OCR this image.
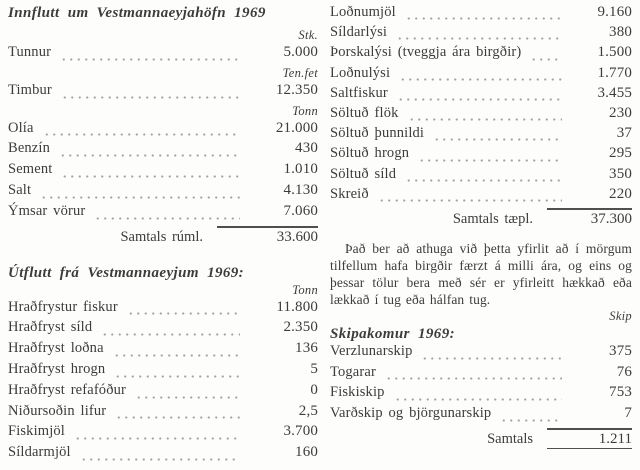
Innflutt um Vestmannaeyjahöfn 1969
Stk.
Tunnur	5.000
Ten.fet
Timbur	12.350
Tonn
Olía	21.000
Benzín	430
Sement	1.010
Salt	4.130
Ýmsar vörur	7.060
Samtals rúml.	33.600
Útflutt frá Vestmannaeyjum 1969:
Tonn
Hraðfrystur fiskur	11.800
Hraðfryst síld	2.350
Hraðfryst loðna	136
Hraðfryst hrogn	5
Hraðfryst refafóður	0
Niðursoðin lifur	2,5
Fiskimjöl	3.700
Síldarmjöl	160
Loðnumjöl	9.160
Síldarlýsi	380
Þorskalýsi (tveggja ára birgðir)	1.500
Loðnulýsi	1.770
Saltfiskur	3.455
Söltuð flök	230
Söltuð þunnildi	37
Söltuð hrogn	295
Söltuð síld	350
Skreið	220
Samtals tæpl.	37.300
Það ber að athuga við þetta yfirlit að í mörgum tilfellum hafa birgðir færzt á milli ára, og eins og þessar tölur bera með sér er yfirleitt hækkað eða lækkað í tug eða hálfan tug.
Skip
Skipakomur 1969:
Verzlunarskip	375
Togarar	76
Fiskiskip	753
Varðskip og björgunarskip	7
Samtals	1.211
